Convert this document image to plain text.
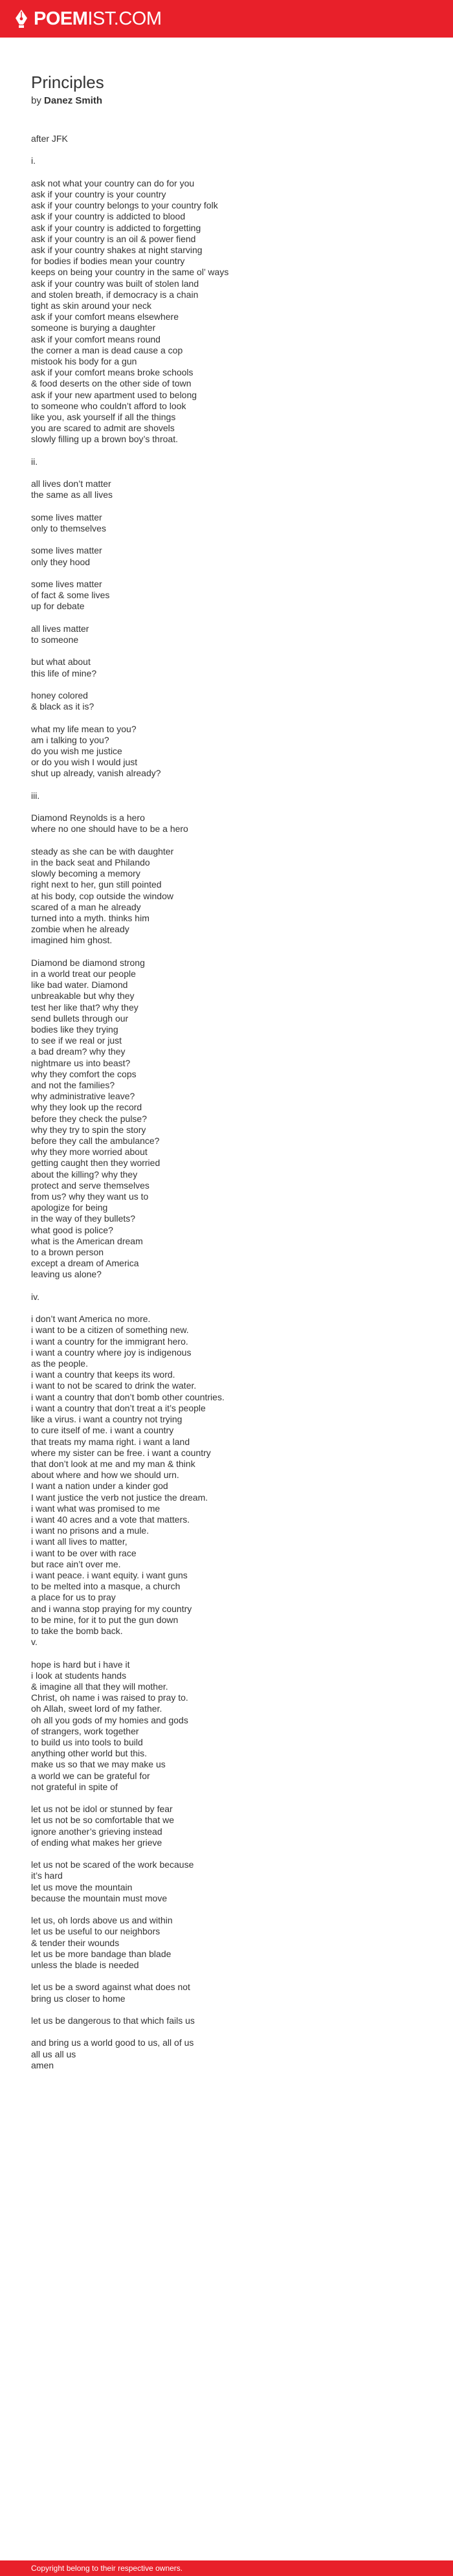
POEMIST.COM
Principles
by Danez Smith
after JFK
i.
ask not what your country can do for you
ask if your country is your country
ask if your country belongs to your country folk
ask if your country is addicted to blood
ask if your country is addicted to forgetting
ask if your country is an oil & power fiend
ask if your country shakes at night starving
for bodies if bodies mean your country
keeps on being your country in the same ol’ ways
ask if your country was built of stolen land
and stolen breath, if democracy is a chain
tight as skin around your neck
ask if your comfort means elsewhere
someone is burying a daughter
ask if your comfort means round
the corner a man is dead cause a cop
mistook his body for a gun
ask if your comfort means broke schools
& food deserts on the other side of town
ask if your new apartment used to belong
to someone who couldn’t afford to look
like you, ask yourself if all the things
you are scared to admit are shovels
slowly filling up a brown boy’s throat.
ii.
all lives don’t matter
the same as all lives
some lives matter
only to themselves
some lives matter
only they hood
some lives matter
of fact & some lives
up for debate
all lives matter
to someone
but what about
this life of mine?
honey colored
& black as it is?
what my life mean to you?
am i talking to you?
do you wish me justice
or do you wish I would just
shut up already, vanish already?
iii.
Diamond Reynolds is a hero
where no one should have to be a hero
steady as she can be with daughter
in the back seat and Philando
slowly becoming a memory
right next to her, gun still pointed
at his body, cop outside the window
scared of a man he already
turned into a myth. thinks him
zombie when he already
imagined him ghost.
Diamond be diamond strong
in a world treat our people
like bad water. Diamond
unbreakable but why they
test her like that? why they
send bullets through our
bodies like they trying
to see if we real or just
a bad dream? why they
nightmare us into beast?
why they comfort the cops
and not the families?
why administrative leave?
why they look up the record
before they check the pulse?
why they try to spin the story
before they call the ambulance?
why they more worried about
getting caught then they worried
about the killing? why they
protect and serve themselves
from us? why they want us to
apologize for being
in the way of they bullets?
what good is police?
what is the American dream
to a brown person
except a dream of America
leaving us alone?
iv.
i don’t want America no more.
i want to be a citizen of something new.
i want a country for the immigrant hero.
i want a country where joy is indigenous
as the people.
i want a country that keeps its word.
i want to not be scared to drink the water.
i want a country that don’t bomb other countries.
i want a country that don’t treat a it’s people
like a virus. i want a country not trying
to cure itself of me. i want a country
that treats my mama right. i want a land
where my sister can be free. i want a country
that don’t look at me and my man & think
about where and how we should urn.
I want a nation under a kinder god
I want justice the verb not justice the dream.
i want what was promised to me
i want 40 acres and a vote that matters.
i want no prisons and a mule.
i want all lives to matter,
i want to be over with race
but race ain’t over me.
i want peace. i want equity. i want guns
to be melted into a masque, a church
a place for us to pray
and i wanna stop praying for my country
to be mine, for it to put the gun down
to take the bomb back.
v.
hope is hard but i have it
i look at students hands
& imagine all that they will mother.
Christ, oh name i was raised to pray to.
oh Allah, sweet lord of my father.
oh all you gods of my homies and gods
of strangers, work together
to build us into tools to build
anything other world but this.
make us so that we may make us
a world we can be grateful for
not grateful in spite of
let us not be idol or stunned by fear
let us not be so comfortable that we
ignore another’s grieving instead
of ending what makes her grieve
let us not be scared of the work because
it’s hard
let us move the mountain
because the mountain must move
let us, oh lords above us and within
let us be useful to our neighbors
& tender their wounds
let us be more bandage than blade
unless the blade is needed
let us be a sword against what does not
bring us closer to home
let us be dangerous to that which fails us
and bring us a world good to us, all of us
all us all us
amen
Copyright belong to their respective owners.
